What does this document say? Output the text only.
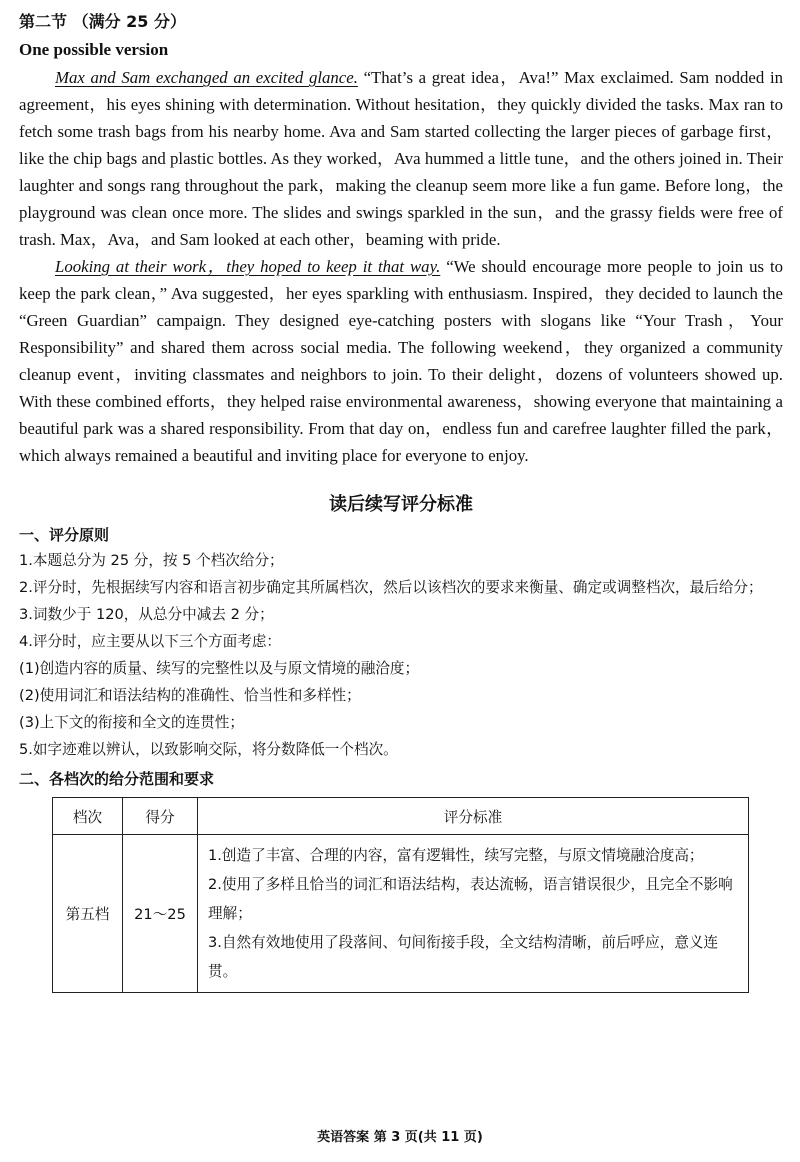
第二节 （满分 25 分）
One possible version

Max and Sam exchanged an excited glance. “That’s a great idea，Ava!” Max exclaimed. Sam nodded in agreement，his eyes shining with determination. Without hesitation，they quickly divided the tasks. Max ran to fetch some trash bags from his nearby home. Ava and Sam started collecting the larger pieces of garbage first，like the chip bags and plastic bottles. As they worked，Ava hummed a little tune，and the others joined in. Their laughter and songs rang throughout the park，making the cleanup seem more like a fun game. Before long，the playground was clean once more. The slides and swings sparkled in the sun，and the grassy fields were free of trash. Max，Ava，and Sam looked at each other，beaming with pride.

Looking at their work，they hoped to keep it that way. “We should encourage more people to join us to keep the park clean，” Ava suggested，her eyes sparkling with enthusiasm. Inspired，they decided to launch the “Green Guardian” campaign. They designed eye-catching posters with slogans like “Your Trash，Your Responsibility” and shared them across social media. The following weekend，they organized a community cleanup event，inviting classmates and neighbors to join. To their delight，dozens of volunteers showed up. With these combined efforts，they helped raise environmental awareness，showing everyone that maintaining a beautiful park was a shared responsibility. From that day on，endless fun and carefree laughter filled the park，which always remained a beautiful and inviting place for everyone to enjoy.

读后续写评分标准
一、评分原则
1.本题总分为 25 分，按 5 个档次给分；
2.评分时，先根据续写内容和语言初步确定其所属档次，然后以该档次的要求来衡量、确定或调整档次，最后给分；
3.词数少于 120，从总分中减去 2 分；
4.评分时，应主要从以下三个方面考虑：
(1)创造内容的质量、续写的完整性以及与原文情境的融洽度；
(2)使用词汇和语法结构的准确性、恰当性和多样性；
(3)上下文的衔接和全文的连贯性；
5.如字迹难以辨认，以致影响交际，将分数降低一个档次。
二、各档次的给分范围和要求
档次	得分	评分标准
第五档	21～25	1.创造了丰富、合理的内容，富有逻辑性，续写完整，与原文情境融洽度高；
2.使用了多样且恰当的词汇和语法结构，表达流畅，语言错误很少，且完全不影响理解；
3.自然有效地使用了段落间、句间衔接手段，全文结构清晰，前后呼应，意义连贯。
英语答案 第 3 页(共 11 页)
